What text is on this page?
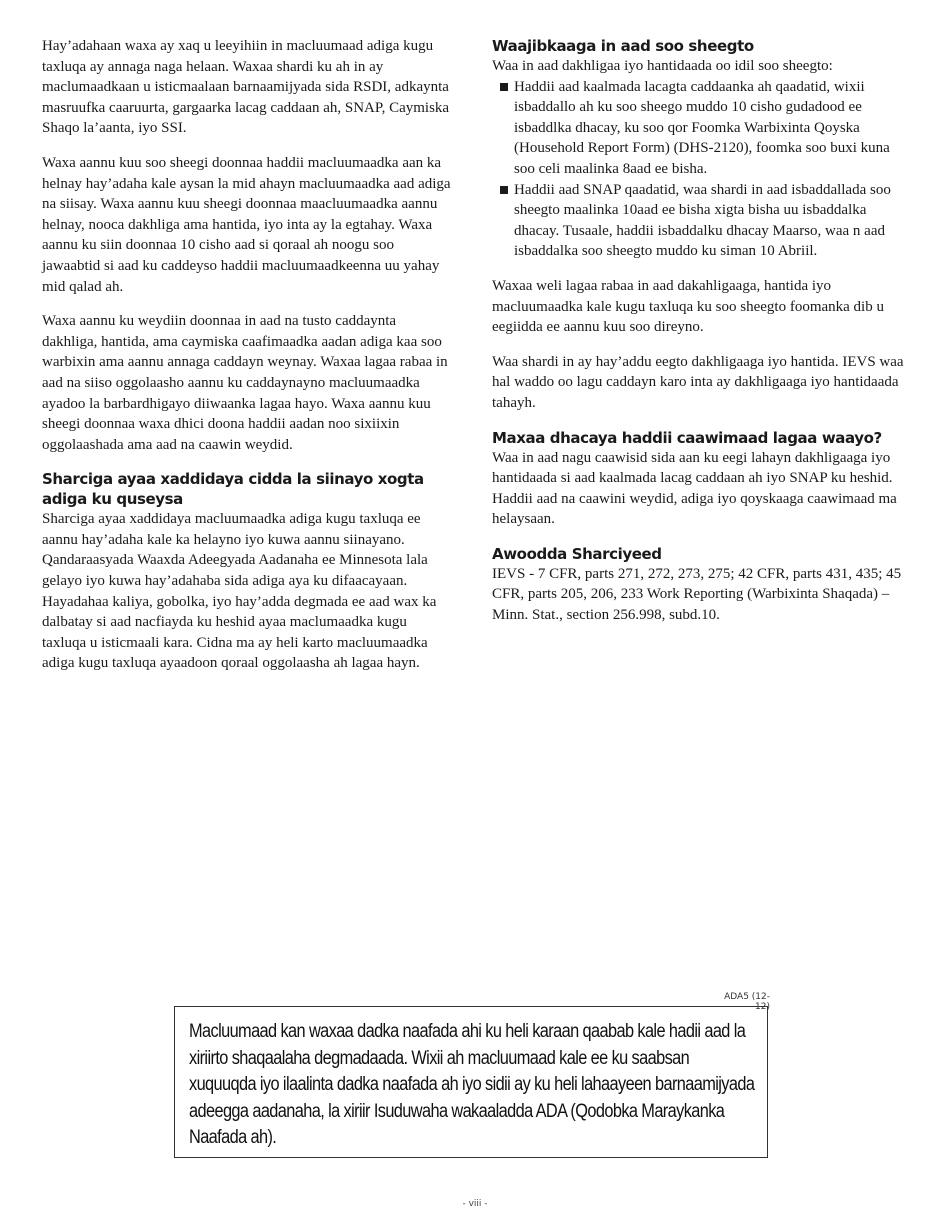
Hay’adahaan waxa ay xaq u leeyihiin in macluumaad adiga kugu taxluqa ay annaga naga helaan. Waxaa shardi ku ah in ay maclumaadkaan u isticmaalaan barnaamijyada sida RSDI, adkaynta masruufka caaruurta, gargaarka lacag caddaan ah, SNAP, Caymiska Shaqo la’aanta, iyo SSI.

Waxa aannu kuu soo sheegi doonnaa haddii macluumaadka aan ka helnay hay’adaha kale aysan la mid ahayn macluumaadka aad adiga na siisay. Waxa aannu kuu sheegi doonnaa maacluumaadka aannu helnay, nooca dakhliga ama hantida, iyo inta ay la egtahay. Waxa aannu ku siin doonnaa 10 cisho aad si qoraal ah noogu soo jawaabtid si aad ku caddeyso haddii macluumaadkeenna uu yahay mid qalad ah.

Waxa aannu ku weydiin doonnaa in aad na tusto caddaynta dakhliga, hantida, ama caymiska caafimaadka aadan adiga kaa soo warbixin ama aannu annaga caddayn weynay. Waxaa lagaa rabaa in aad na siiso oggolaasho aannu ku caddaynayno macluumaadka ayadoo la barbardhigayo diiwaanka lagaa hayo. Waxa aannu kuu sheegi doonnaa waxa dhici doona haddii aadan noo sixiixin oggolaashada ama aad na caawin weydid.

Sharciga ayaa xaddidaya cidda la siinayo xogta adiga ku quseysa

Sharciga ayaa xaddidaya macluumaadka adiga kugu taxluqa ee aannu hay’adaha kale ka helayno iyo kuwa aannu siinayano. Qandaraasyada Waaxda Adeegyada Aadanaha ee Minnesota lala gelayo iyo kuwa hay’adahaba sida adiga aya ku difaacayaan. Hayadahaa kaliya, gobolka, iyo hay’adda degmada ee aad wax ka dalbatay si aad nacfiayda ku heshid ayaa maclumaadka kugu taxluqa u isticmaali kara. Cidna ma ay heli karto macluumaadka adiga kugu taxluqa ayaadoon qoraal oggolaasha ah lagaa hayn.

Waajibkaaga in aad soo sheegto

Waa in aad dakhligaa iyo hantidaada oo idil soo sheegto:

Haddii aad kaalmada lacagta caddaanka ah qaadatid, wixii isbaddallo ah ku soo sheego muddo 10 cisho gudadood ee isbaddlka dhacay, ku soo qor Foomka Warbixinta Qoyska (Household Report Form) (DHS-2120), foomka soo buxi kuna soo celi maalinka 8aad ee bisha.
Haddii aad SNAP qaadatid, waa shardi in aad isbaddallada soo sheegto maalinka 10aad ee bisha xigta bisha uu isbaddalka dhacay. Tusaale, haddii isbaddalku dhacay Maarso, waa n aad isbaddalka soo sheegto muddo ku siman 10 Abriil.

Waxaa weli lagaa rabaa in aad dakahligaaga, hantida iyo macluumaadka kale kugu taxluqa ku soo sheegto foomanka dib u eegiidda ee aannu kuu soo direyno.

Waa shardi in ay hay’addu eegto dakhligaaga iyo hantida. IEVS waa hal waddo oo lagu caddayn karo inta ay dakhligaaga iyo hantidaada tahayh.

Maxaa dhacaya haddii caawimaad lagaa waayo?

Waa in aad nagu caawisid sida aan ku eegi lahayn dakhligaaga iyo hantidaada si aad kaalmada lacag caddaan ah iyo SNAP ku heshid. Haddii aad na caawini weydid, adiga iyo qoyskaaga caawimaad ma helaysaan.

Awoodda Sharciyeed

IEVS - 7 CFR, parts 271, 272, 273, 275; 42 CFR, parts 431, 435; 45 CFR, parts 205, 206, 233 Work Reporting (Warbixinta Shaqada) – Minn. Stat., section 256.998, subd.10.

ADA5 (12-12)
Macluumaad kan waxaa dadka naafada ahi ku heli karaan qaabab kale hadii aad la xiriirto shaqaalaha degmadaada. Wixii ah macluumaad kale ee ku saabsan xuquuqda iyo ilaalinta dadka naafada ah iyo sidii ay ku heli lahaayeen barnaamijyada adeegga aadanaha, la xiriir Isuduwaha wakaaladda ADA (Qodobka Maraykanka Naafada ah).
- viii -
